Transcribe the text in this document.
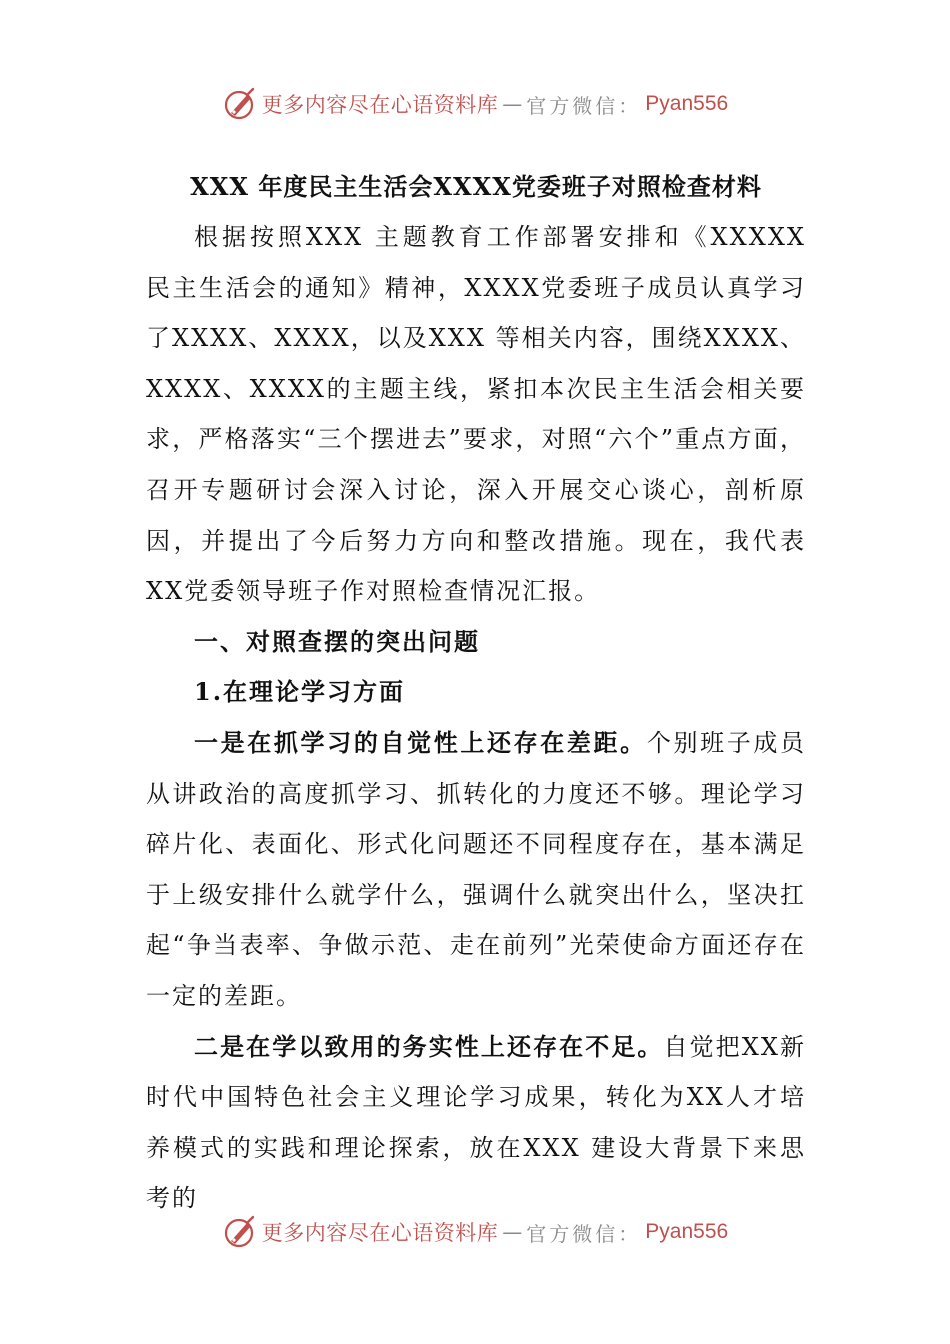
更多内容尽在心语资料库 — 官方微信： Pyan556

XXX 年度民主生活会XXXX党委班子对照检查材料

根据按照XXX 主题教育工作部署安排和《XXXXX 民主生活会的通知》精神，XXXX党委班子成员认真学习了XXXX、XXXX，以及XXX 等相关内容，围绕XXXX、XXXX、XXXX的主题主线，紧扣本次民主生活会相关要求，严格落实“三个摆进去”要求，对照“六个”重点方面，召开专题研讨会深入讨论，深入开展交心谈心，剖析原因，并提出了今后努力方向和整改措施。现在，我代表XX党委领导班子作对照检查情况汇报。

一、对照查摆的突出问题

1.在理论学习方面

一是在抓学习的自觉性上还存在差距。个别班子成员从讲政治的高度抓学习、抓转化的力度还不够。理论学习碎片化、表面化、形式化问题还不同程度存在，基本满足于上级安排什么就学什么，强调什么就突出什么，坚决扛起“争当表率、争做示范、走在前列”光荣使命方面还存在一定的差距。

二是在学以致用的务实性上还存在不足。自觉把XX新时代中国特色社会主义理论学习成果，转化为XX人才培养模式的实践和理论探索，放在XXX 建设大背景下来思考的

更多内容尽在心语资料库 — 官方微信： Pyan556
